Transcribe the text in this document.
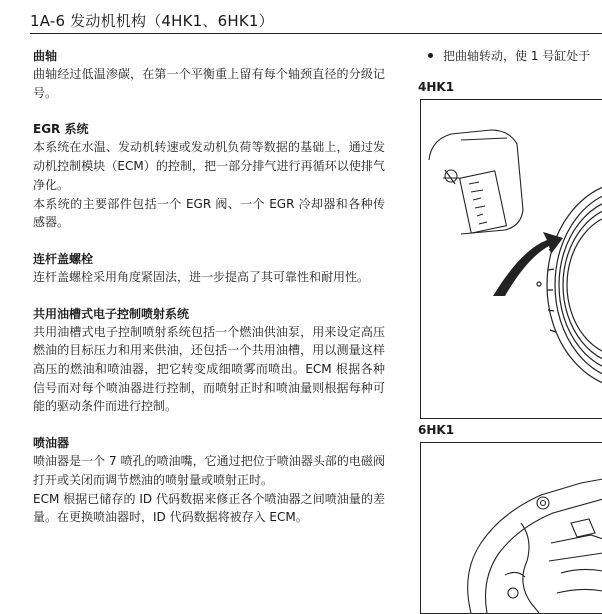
1A-6 发动机机构（4HK1、6HK1）
曲轴
曲轴经过低温渗碳，在第一个平衡重上留有每个轴颈直径的分级记号。
EGR 系统
本系统在水温、发动机转速或发动机负荷等数据的基础上，通过发动机控制模块（ECM）的控制，把一部分排气进行再循环以使排气净化。
本系统的主要部件包括一个 EGR 阀、一个 EGR 冷却器和各种传感器。
连杆盖螺栓
连杆盖螺栓采用角度紧固法，进一步提高了其可靠性和耐用性。
共用油槽式电子控制喷射系统
共用油槽式电子控制喷射系统包括一个燃油供油泵，用来设定高压燃油的目标压力和用来供油，还包括一个共用油槽，用以测量这样高压的燃油和喷油器，把它转变成细喷雾而喷出。ECM 根据各种信号而对每个喷油器进行控制，而喷射正时和喷油量则根据每种可能的驱动条件而进行控制。
喷油器
喷油器是一个 7 喷孔的喷油嘴，它通过把位于喷油器头部的电磁阀打开或关闭而调节燃油的喷射量或喷射正时。
ECM 根据已储存的 ID 代码数据来修正各个喷油器之间喷油量的差量。在更换喷油器时，ID 代码数据将被存入 ECM。
把曲轴转动，使 1 号缸处于
4HK1
6HK1
